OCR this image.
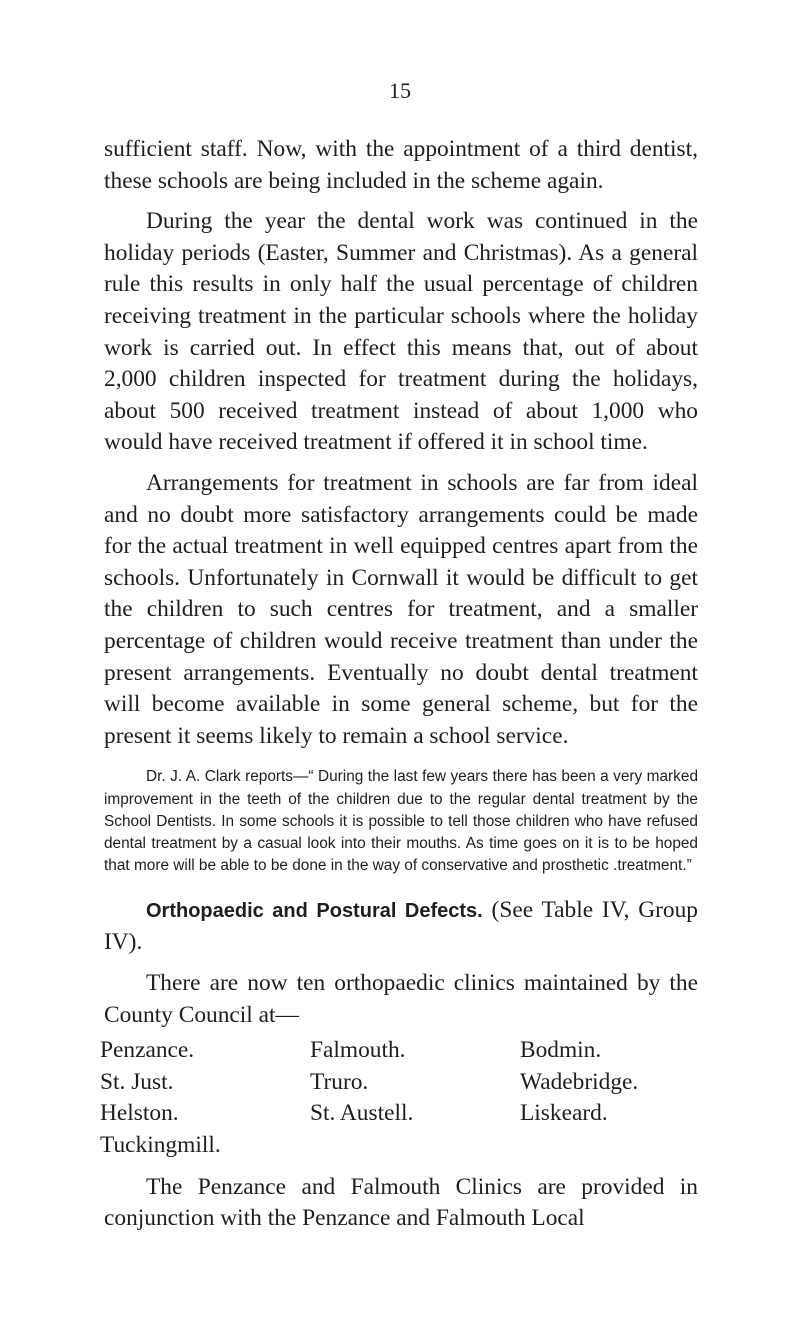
15

sufficient staff. Now, with the appointment of a third dentist, these schools are being included in the scheme again.

During the year the dental work was continued in the holiday periods (Easter, Summer and Christmas). As a general rule this results in only half the usual percentage of children receiving treatment in the particular schools where the holiday work is carried out. In effect this means that, out of about 2,000 children inspected for treatment during the holidays, about 500 received treatment instead of about 1,000 who would have received treatment if offered it in school time.

Arrangements for treatment in schools are far from ideal and no doubt more satisfactory arrangements could be made for the actual treatment in well equipped centres apart from the schools. Unfortunately in Cornwall it would be difficult to get the children to such centres for treatment, and a smaller percentage of children would receive treatment than under the present arrangements. Eventually no doubt dental treatment will become available in some general scheme, but for the present it seems likely to remain a school service.

Dr. J. A. Clark reports—“ During the last few years there has been a very marked improvement in the teeth of the children due to the regular dental treatment by the School Dentists. In some schools it is possible to tell those children who have refused dental treatment by a casual look into their mouths. As time goes on it is to be hoped that more will be able to be done in the way of conservative and prosthetic .treatment.”

Orthopaedic and Postural Defects. (See Table IV, Group IV).

There are now ten orthopaedic clinics maintained by the County Council at—

Penzance.	Falmouth.	Bodmin.
St. Just.	Truro.	Wadebridge.
Helston.	St. Austell.	Liskeard.
Tuckingmill.

The Penzance and Falmouth Clinics are provided in conjunction with the Penzance and Falmouth Local
